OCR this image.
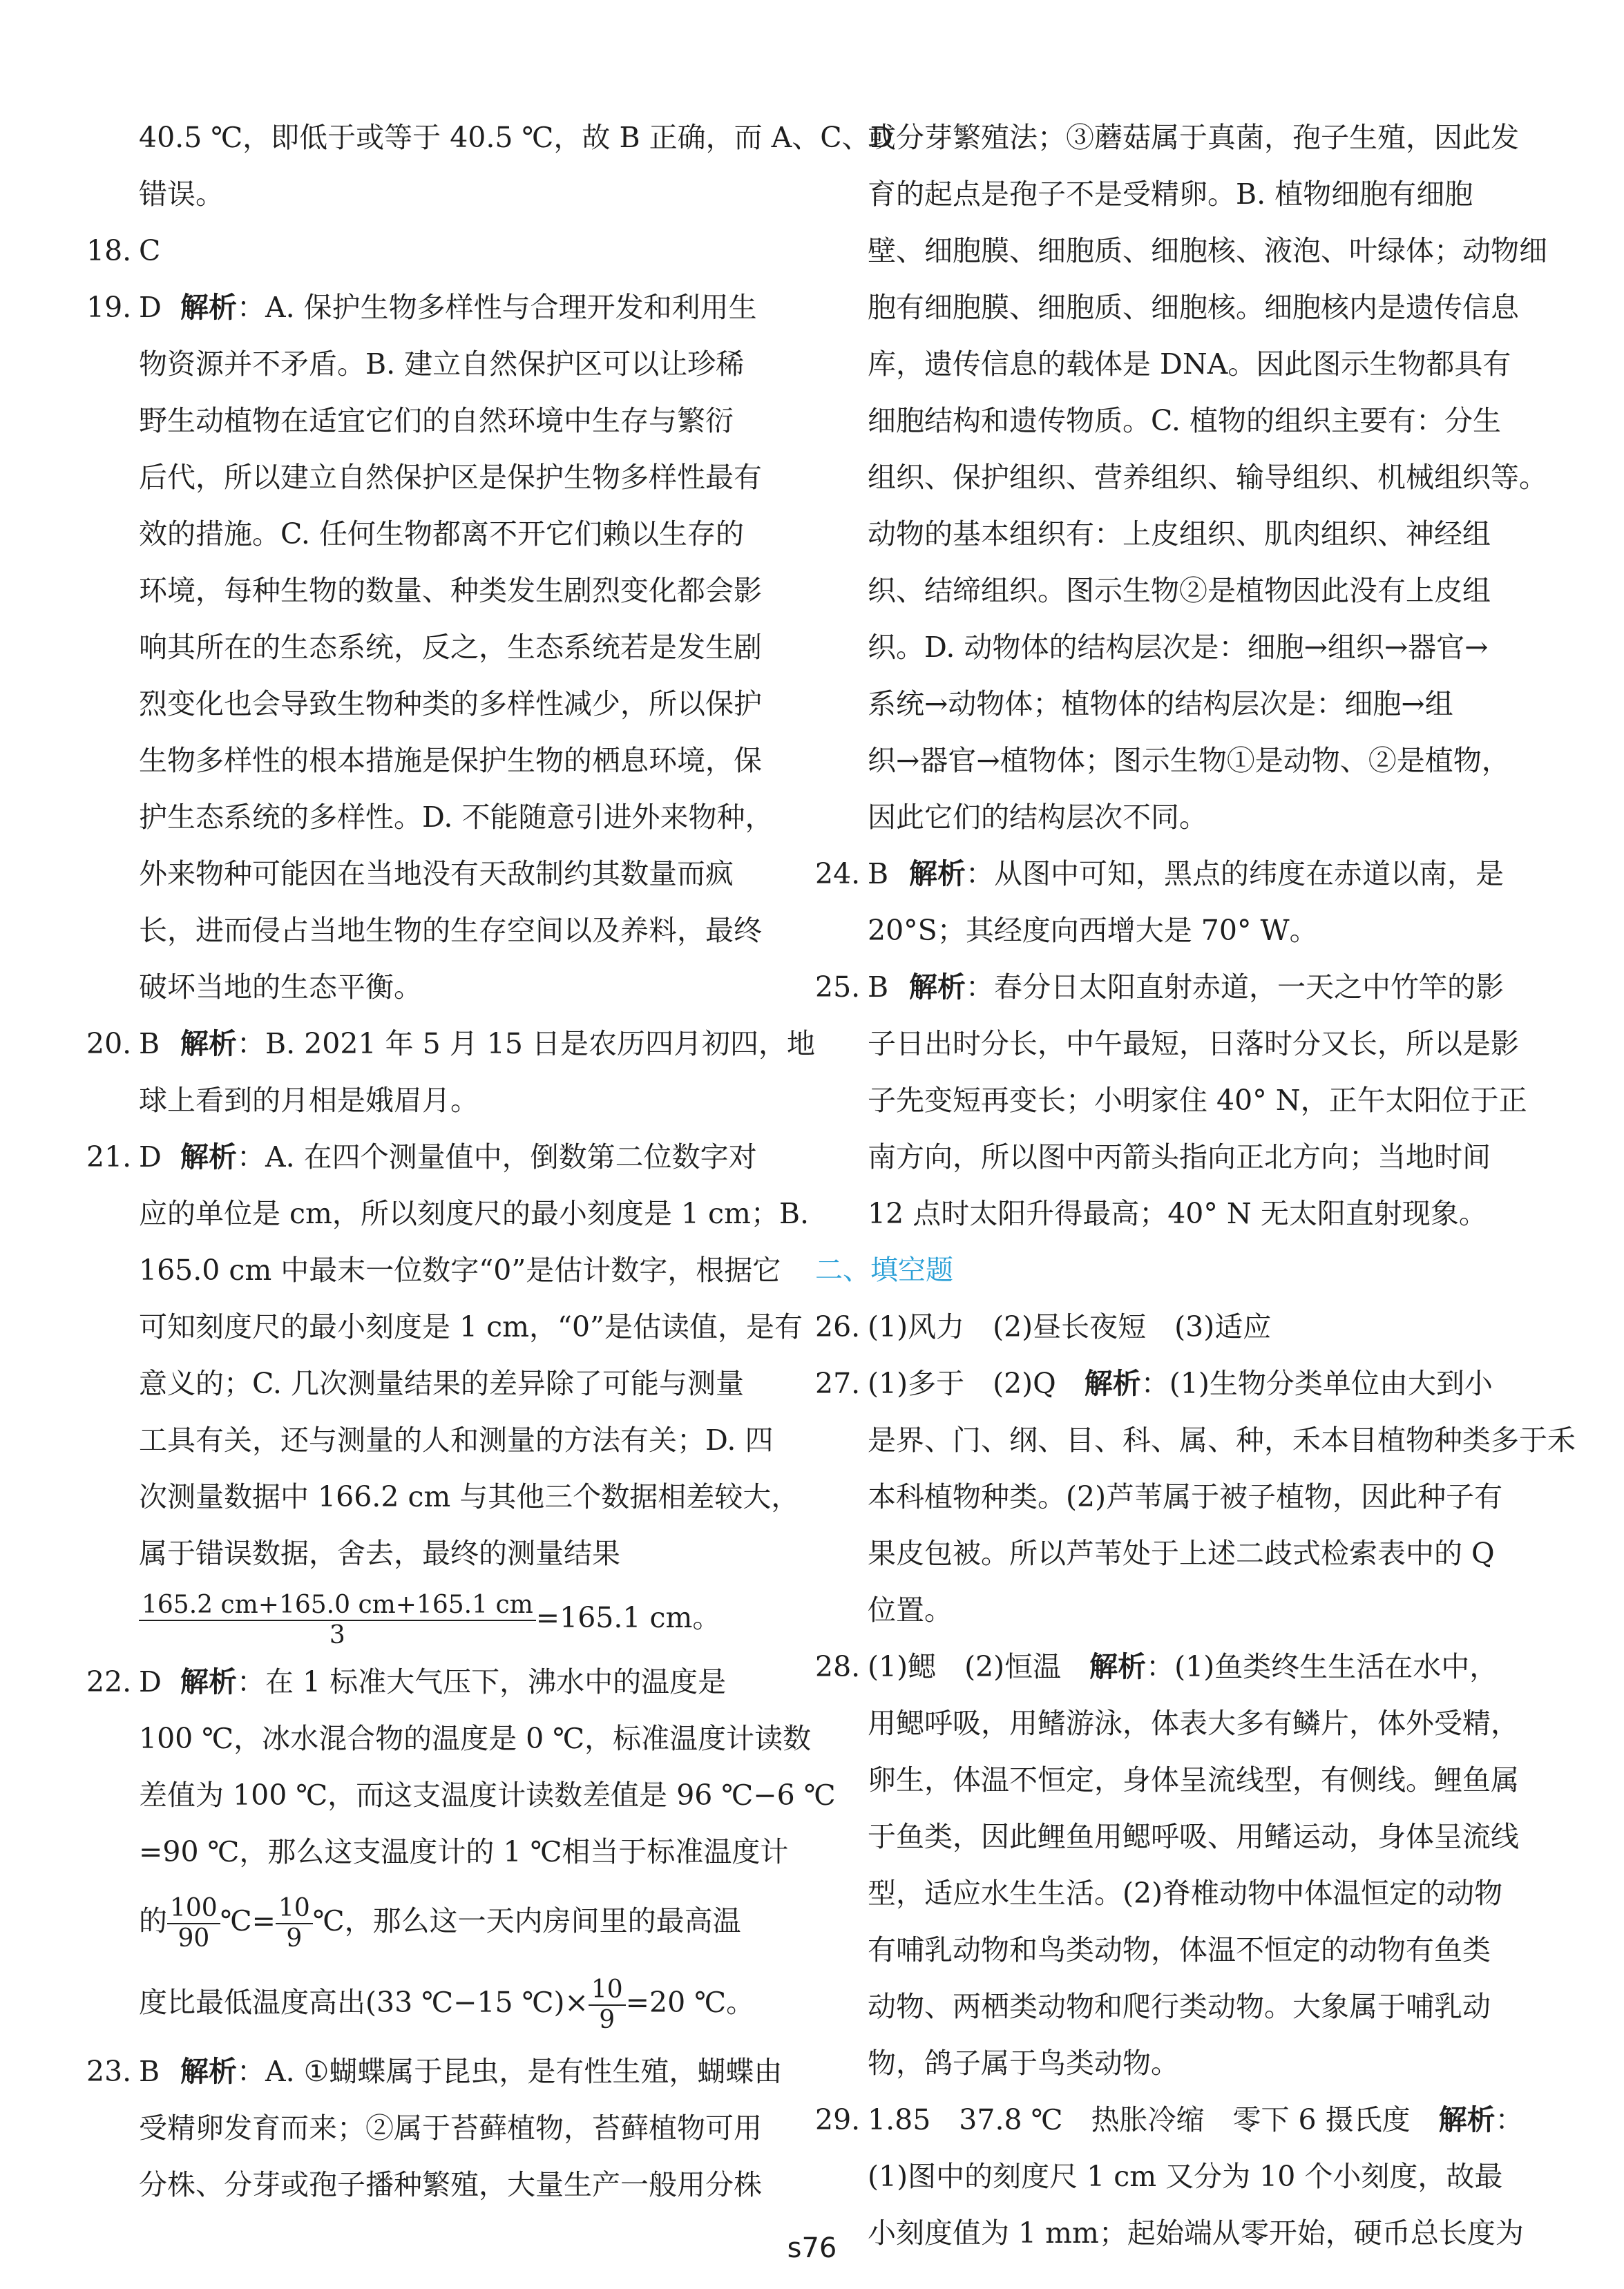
40.5 ℃，即低于或等于 40.5 ℃，故 B 正确，而 A、C、D
错误。
18. C
19. D 解析：A. 保护生物多样性与合理开发和利用生
物资源并不矛盾。B. 建立自然保护区可以让珍稀
野生动植物在适宜它们的自然环境中生存与繁衍
后代，所以建立自然保护区是保护生物多样性最有
效的措施。C. 任何生物都离不开它们赖以生存的
环境，每种生物的数量、种类发生剧烈变化都会影
响其所在的生态系统，反之，生态系统若是发生剧
烈变化也会导致生物种类的多样性减少，所以保护
生物多样性的根本措施是保护生物的栖息环境，保
护生态系统的多样性。D. 不能随意引进外来物种，
外来物种可能因在当地没有天敌制约其数量而疯
长，进而侵占当地生物的生存空间以及养料，最终
破坏当地的生态平衡。
20. B 解析：B. 2021 年 5 月 15 日是农历四月初四，地
球上看到的月相是娥眉月。
21. D 解析：A. 在四个测量值中，倒数第二位数字对
应的单位是 cm，所以刻度尺的最小刻度是 1 cm；B.
165.0 cm 中最末一位数字“0”是估计数字，根据它
可知刻度尺的最小刻度是 1 cm，“0”是估读值，是有
意义的；C. 几次测量结果的差异除了可能与测量
工具有关，还与测量的人和测量的方法有关；D. 四
次测量数据中 166.2 cm 与其他三个数据相差较大，
属于错误数据，舍去，最终的测量结果
$\frac{165.2 cm+165.0 cm+165.1 cm}{3} =165.1$ cm。
22. D 解析：在 1 标准大气压下，沸水中的温度是
100 ℃，冰水混合物的温度是 0 ℃，标准温度计读数
差值为 100 ℃，而这支温度计读数差值是 96 ℃−6 ℃
=90 ℃，那么这支温度计的 1 ℃相当于标准温度计
的 $\frac{100}{90}$ ℃= $\frac{10}{9}$ ℃，那么这一天内房间里的最高温
度比最低温度高出(33 ℃−15 ℃)× $\frac{10}{9} =20$ ℃。
23. B 解析：A. ①蝴蝶属于昆虫，是有性生殖，蝴蝶由
受精卵发育而来；②属于苔藓植物，苔藓植物可用
分株、分芽或孢子播种繁殖，大量生产一般用分株
或分芽繁殖法；③蘑菇属于真菌，孢子生殖，因此发
育的起点是孢子不是受精卵。B. 植物细胞有细胞
壁、细胞膜、细胞质、细胞核、液泡、叶绿体；动物细
胞有细胞膜、细胞质、细胞核。细胞核内是遗传信息
库，遗传信息的载体是 DNA。因此图示生物都具有
细胞结构和遗传物质。C. 植物的组织主要有：分生
组织、保护组织、营养组织、输导组织、机械组织等。
动物的基本组织有：上皮组织、肌肉组织、神经组
织、结缔组织。图示生物②是植物因此没有上皮组
织。D. 动物体的结构层次是：细胞→组织→器官→
系统→动物体；植物体的结构层次是：细胞→组
织→器官→植物体；图示生物①是动物、②是植物，
因此它们的结构层次不同。
24. B 解析：从图中可知，黑点的纬度在赤道以南，是
20°S；其经度向西增大是 70° W。
25. B 解析：春分日太阳直射赤道，一天之中竹竿的影
子日出时分长，中午最短，日落时分又长，所以是影
子先变短再变长；小明家住 40° N，正午太阳位于正
南方向，所以图中丙箭头指向正北方向；当地时间
12 点时太阳升得最高；40° N 无太阳直射现象。
二、填空题
26. (1)风力　(2)昼长夜短　(3)适应
27. (1)多于　(2)Q　解析：(1)生物分类单位由大到小
是界、门、纲、目、科、属、种，禾本目植物种类多于禾
本科植物种类。(2)芦苇属于被子植物，因此种子有
果皮包被。所以芦苇处于上述二歧式检索表中的 Q
位置。
28. (1)鳃　(2)恒温　解析：(1)鱼类终生生活在水中，
用鳃呼吸，用鳍游泳，体表大多有鳞片，体外受精，
卵生，体温不恒定，身体呈流线型，有侧线。鲤鱼属
于鱼类，因此鲤鱼用鳃呼吸、用鳍运动，身体呈流线
型，适应水生生活。(2)脊椎动物中体温恒定的动物
有哺乳动物和鸟类动物，体温不恒定的动物有鱼类
动物、两栖类动物和爬行类动物。大象属于哺乳动
物，鸽子属于鸟类动物。
29. 1.85　37.8 ℃　热胀冷缩　零下 6 摄氏度　解析：
(1)图中的刻度尺 1 cm 又分为 10 个小刻度，故最
小刻度值为 1 mm；起始端从零开始，硬币总长度为
s76
